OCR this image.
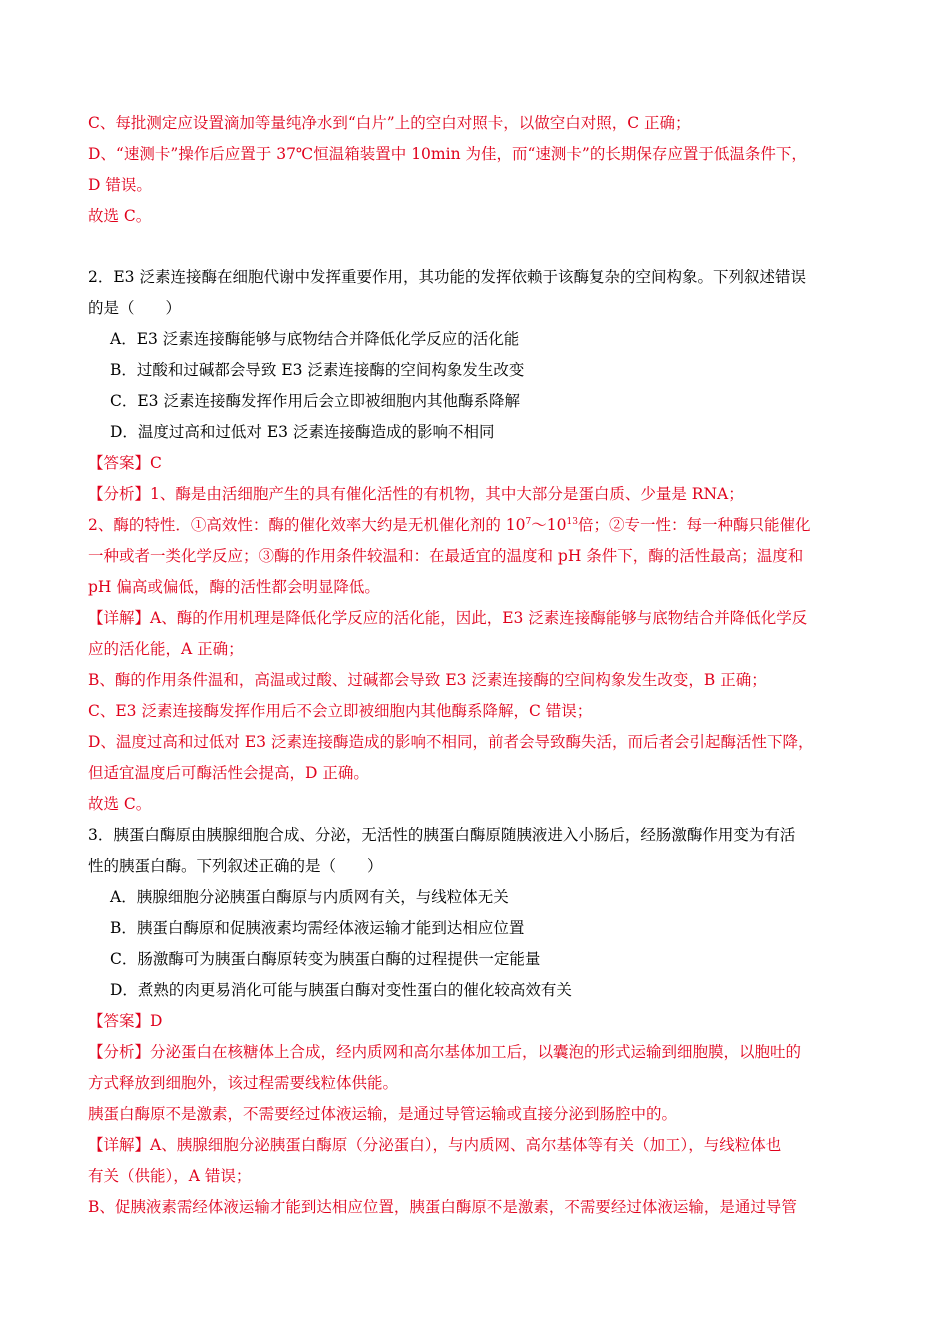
C、每批测定应设置滴加等量纯净水到“白片”上的空白对照卡，以做空白对照，C 正确；
D、“速测卡”操作后应置于 37℃恒温箱装置中 10min 为佳，而“速测卡”的长期保存应置于低温条件下，
D 错误。
故选 C。
2．E3 泛素连接酶在细胞代谢中发挥重要作用，其功能的发挥依赖于该酶复杂的空间构象。下列叙述错误
的是（　　）
A．E3 泛素连接酶能够与底物结合并降低化学反应的活化能
B．过酸和过碱都会导致 E3 泛素连接酶的空间构象发生改变
C．E3 泛素连接酶发挥作用后会立即被细胞内其他酶系降解
D．温度过高和过低对 E3 泛素连接酶造成的影响不相同
【答案】C
【分析】1、酶是由活细胞产生的具有催化活性的有机物，其中大部分是蛋白质、少量是 RNA；
2、酶的特性．①高效性：酶的催化效率大约是无机催化剂的 $10^7\sim 10^{13}$倍；②专一性：每一种酶只能催化
一种或者一类化学反应；③酶的作用条件较温和：在最适宜的温度和 pH 条件下，酶的活性最高；温度和
pH 偏高或偏低，酶的活性都会明显降低。
【详解】A、酶的作用机理是降低化学反应的活化能，因此，E3 泛素连接酶能够与底物结合并降低化学反
应的活化能，A 正确；
B、酶的作用条件温和，高温或过酸、过碱都会导致 E3 泛素连接酶的空间构象发生改变，B 正确；
C、E3 泛素连接酶发挥作用后不会立即被细胞内其他酶系降解，C 错误；
D、温度过高和过低对 E3 泛素连接酶造成的影响不相同，前者会导致酶失活，而后者会引起酶活性下降，
但适宜温度后可酶活性会提高，D 正确。
故选 C。
3．胰蛋白酶原由胰腺细胞合成、分泌，无活性的胰蛋白酶原随胰液进入小肠后，经肠激酶作用变为有活
性的胰蛋白酶。下列叙述正确的是（　　）
A．胰腺细胞分泌胰蛋白酶原与内质网有关，与线粒体无关
B．胰蛋白酶原和促胰液素均需经体液运输才能到达相应位置
C．肠激酶可为胰蛋白酶原转变为胰蛋白酶的过程提供一定能量
D．煮熟的肉更易消化可能与胰蛋白酶对变性蛋白的催化较高效有关
【答案】D
【分析】分泌蛋白在核糖体上合成，经内质网和高尔基体加工后，以囊泡的形式运输到细胞膜，以胞吐的
方式释放到细胞外，该过程需要线粒体供能。
胰蛋白酶原不是激素，不需要经过体液运输，是通过导管运输或直接分泌到肠腔中的。
【详解】A、胰腺细胞分泌胰蛋白酶原（分泌蛋白），与内质网、高尔基体等有关（加工），与线粒体也
有关（供能），A 错误；
B、促胰液素需经体液运输才能到达相应位置，胰蛋白酶原不是激素，不需要经过体液运输，是通过导管
